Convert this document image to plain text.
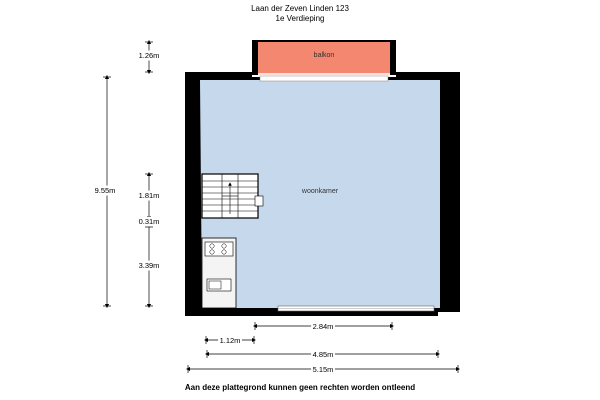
Laan der Zeven Linden 123
1e Verdieping
balkon
woonkamer
9.55m
1.26m
1.81m
0.31m
3.39m
2.84m
1.12m
4.85m
5.15m
Aan deze plattegrond kunnen geen rechten worden ontleend
